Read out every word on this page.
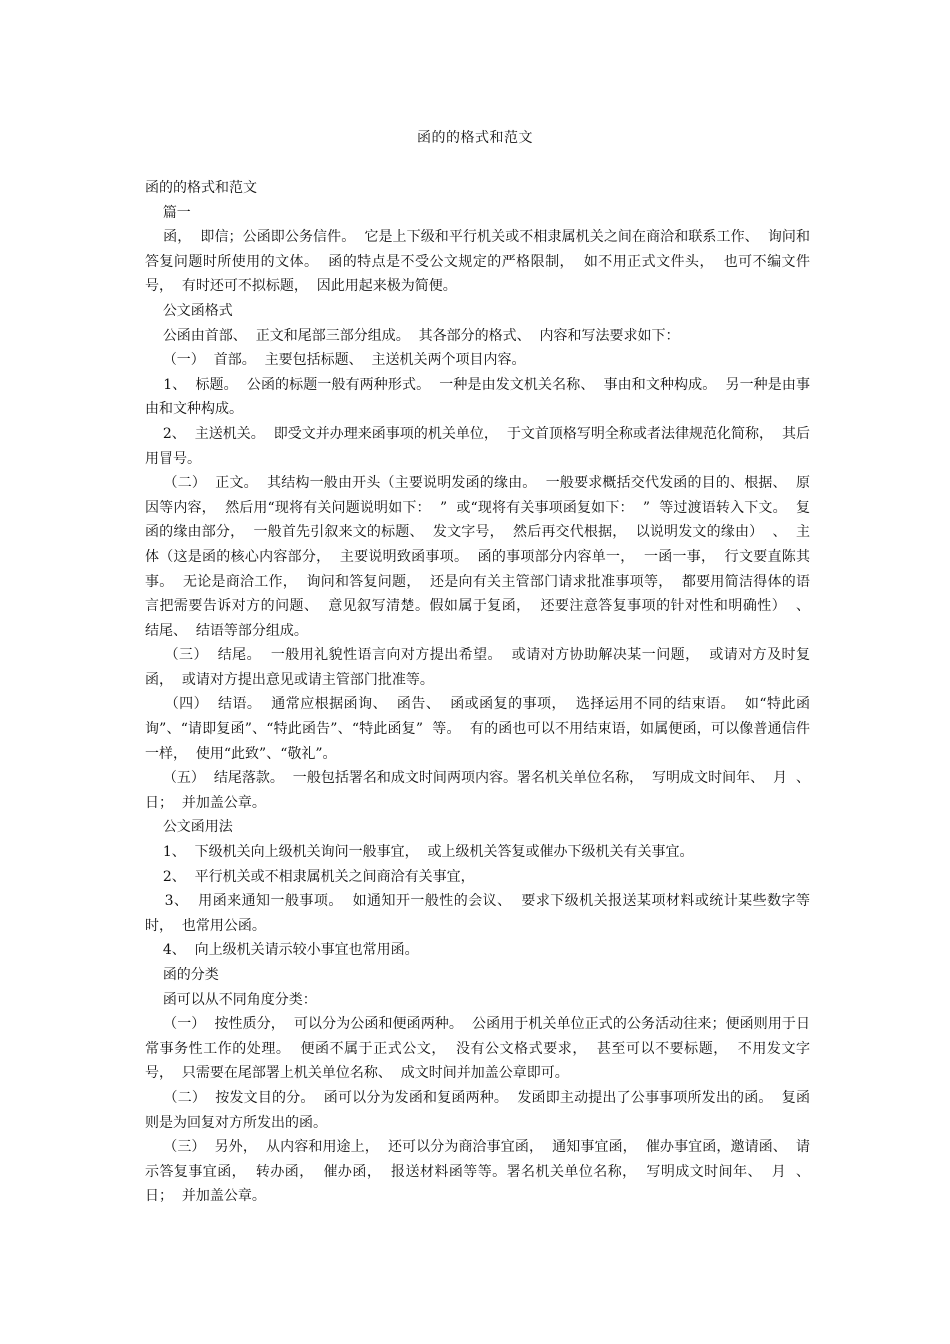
函的的格式和范文

函的的格式和范文

篇一

函，  即信；公函即公务信件。  它是上下级和平行机关或不相隶属机关之间在商洽和联系工作、  询问和答复问题时所使用的文体。  函的特点是不受公文规定的严格限制，  如不用正式文件头，  也可不编文件号，  有时还可不拟标题，  因此用起来极为简便。

公文函格式

公函由首部、  正文和尾部三部分组成。  其各部分的格式、  内容和写法要求如下：

（一）  首部。  主要包括标题、  主送机关两个项目内容。

1、  标题。  公函的标题一般有两种形式。  一种是由发文机关名称、  事由和文种构成。  另一种是由事由和文种构成。

2、  主送机关。  即受文并办理来函事项的机关单位，  于文首顶格写明全称或者法律规范化简称，  其后用冒号。

（二）  正文。  其结构一般由开头（主要说明发函的缘由。  一般要求概括交代发函的目的、根据、  原因等内容，  然后用“现将有关问题说明如下：  ”  或“现将有关事项函复如下：  ”  等过渡语转入下文。  复函的缘由部分，  一般首先引叙来文的标题、  发文字号，  然后再交代根据，  以说明发文的缘由）  、  主体（这是函的核心内容部分，  主要说明致函事项。  函的事项部分内容单一，  一函一事，  行文要直陈其事。  无论是商洽工作，  询问和答复问题，  还是向有关主管部门请求批准事项等，  都要用简洁得体的语言把需要告诉对方的问题、  意见叙写清楚。假如属于复函，  还要注意答复事项的针对性和明确性）  、  结尾、  结语等部分组成。

（三）  结尾。  一般用礼貌性语言向对方提出希望。  或请对方协助解决某一问题，  或请对方及时复函，  或请对方提出意见或请主管部门批准等。

（四）  结语。  通常应根据函询、  函告、  函或函复的事项，  选择运用不同的结束语。  如“特此函询”、“请即复函”、“特此函告”、“特此函复”  等。  有的函也可以不用结束语，如属便函，可以像普通信件一样，  使用“此致”、“敬礼”。

（五）  结尾落款。  一般包括署名和成文时间两项内容。署名机关单位名称，  写明成文时间年、  月  、  日；  并加盖公章。

公文函用法

1、  下级机关向上级机关询问一般事宜，  或上级机关答复或催办下级机关有关事宜。

2、  平行机关或不相隶属机关之间商洽有关事宜，

3、  用函来通知一般事项。  如通知开一般性的会议、  要求下级机关报送某项材料或统计某些数字等时，  也常用公函。

4、  向上级机关请示较小事宜也常用函。

函的分类

函可以从不同角度分类：

（一）  按性质分，  可以分为公函和便函两种。  公函用于机关单位正式的公务活动往来；便函则用于日常事务性工作的处理。  便函不属于正式公文，  没有公文格式要求，  甚至可以不要标题，  不用发文字号，  只需要在尾部署上机关单位名称、  成文时间并加盖公章即可。

（二）  按发文目的分。  函可以分为发函和复函两种。  发函即主动提出了公事事项所发出的函。  复函则是为回复对方所发出的函。

（三）  另外，  从内容和用途上，  还可以分为商洽事宜函，  通知事宜函，  催办事宜函，邀请函、  请示答复事宜函，  转办函，  催办函，  报送材料函等等。署名机关单位名称，  写明成文时间年、  月  、  日；  并加盖公章。
